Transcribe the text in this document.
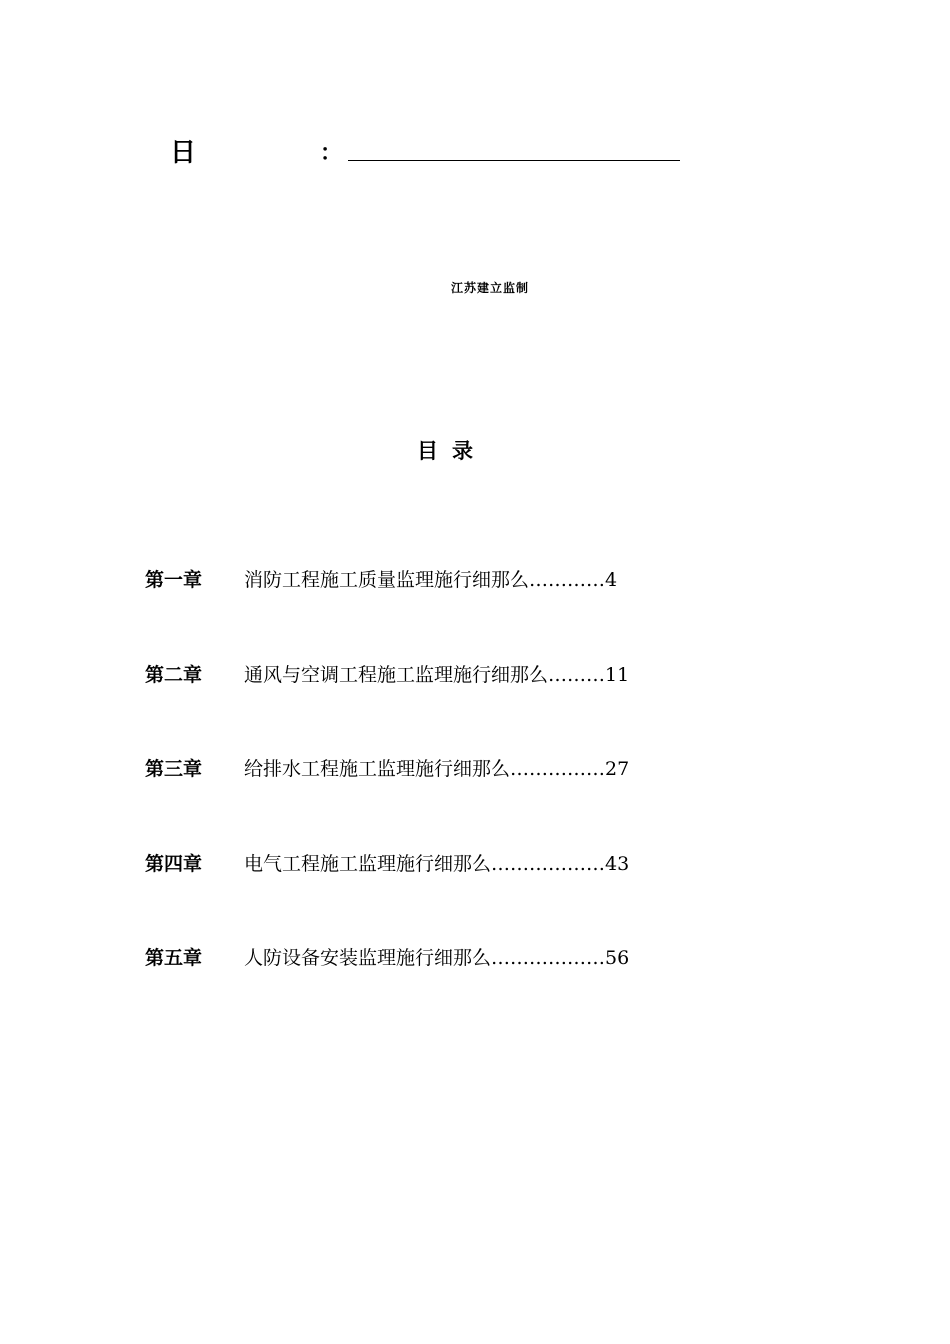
日	：
江苏建立监制
目录
第一章 消防工程施工质量监理施行细那么…………4
第二章 通风与空调工程施工监理施行细那么………11
第三章 给排水工程施工监理施行细那么……………27
第四章 电气工程施工监理施行细那么………………43
第五章 人防设备安装监理施行细那么………………56
